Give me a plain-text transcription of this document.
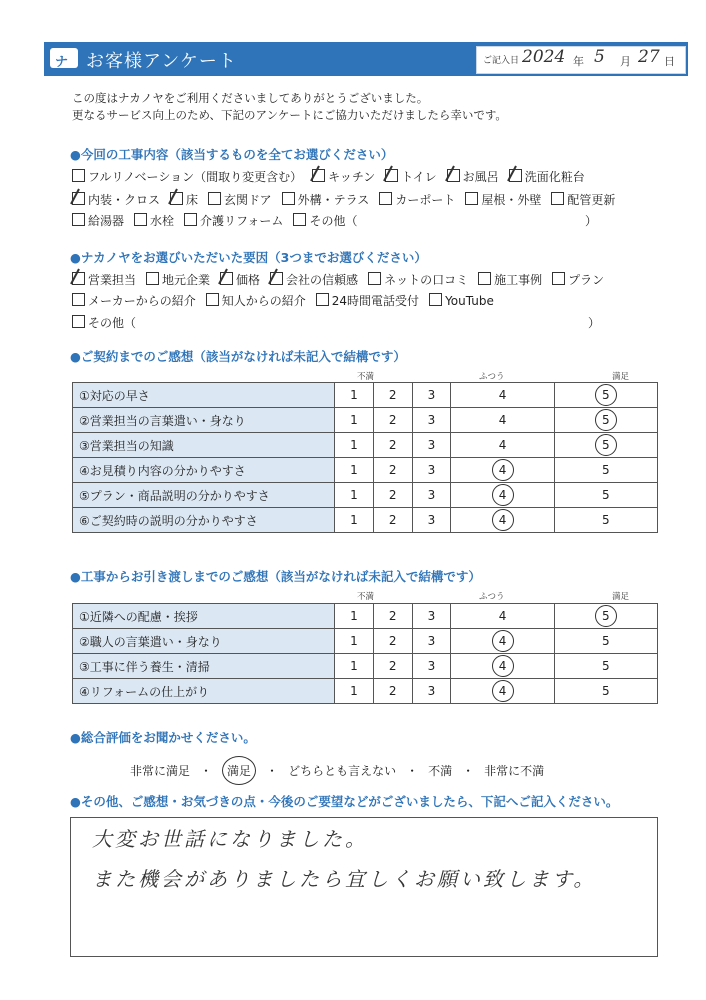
ナ お客様アンケート	ご記入日 2024 年 5 月 27 日
この度はナカノヤをご利用くださいましてありがとうございました。
更なるサービス向上のため、下記のアンケートにご協力いただけましたら幸いです。
●今回の工事内容（該当するものを全てお選びください）
フルリノベーション（間取り変更含む） キッチン トイレ お風呂 洗面化粧台
内装・クロス 床 玄関ドア 外構・テラス カーポート 屋根・外壁 配管更新
給湯器 水栓 介護リフォーム その他（	）
●ナカノヤをお選びいただいた要因（3つまでお選びください）
営業担当 地元企業 価格 会社の信頼感 ネットの口コミ 施工事例 プラン
メーカーからの紹介 知人からの紹介 24時間電話受付 YouTube
その他（	）
●ご契約までのご感想（該当がなければ未記入で結構です）
不満	ふつう	満足
①対応の早さ	1	2	3	4	5
②営業担当の言葉遣い・身なり	1	2	3	4	5
③営業担当の知識	1	2	3	4	5
④お見積り内容の分かりやすさ	1	2	3	4	5
⑤プラン・商品説明の分かりやすさ	1	2	3	4	5
⑥ご契約時の説明の分かりやすさ	1	2	3	4	5
●工事からお引き渡しまでのご感想（該当がなければ未記入で結構です）
不満	ふつう	満足
①近隣への配慮・挨拶	1	2	3	4	5
②職人の言葉遣い・身なり	1	2	3	4	5
③工事に伴う養生・清掃	1	2	3	4	5
④リフォームの仕上がり	1	2	3	4	5
●総合評価をお聞かせください。
非常に満足 ・ 満足 ・ どちらとも言えない ・ 不満 ・ 非常に不満
●その他、ご感想・お気づきの点・今後のご要望などがございましたら、下記へご記入ください。
大変お世話になりました。
また機会がありましたら宜しくお願い致します。
